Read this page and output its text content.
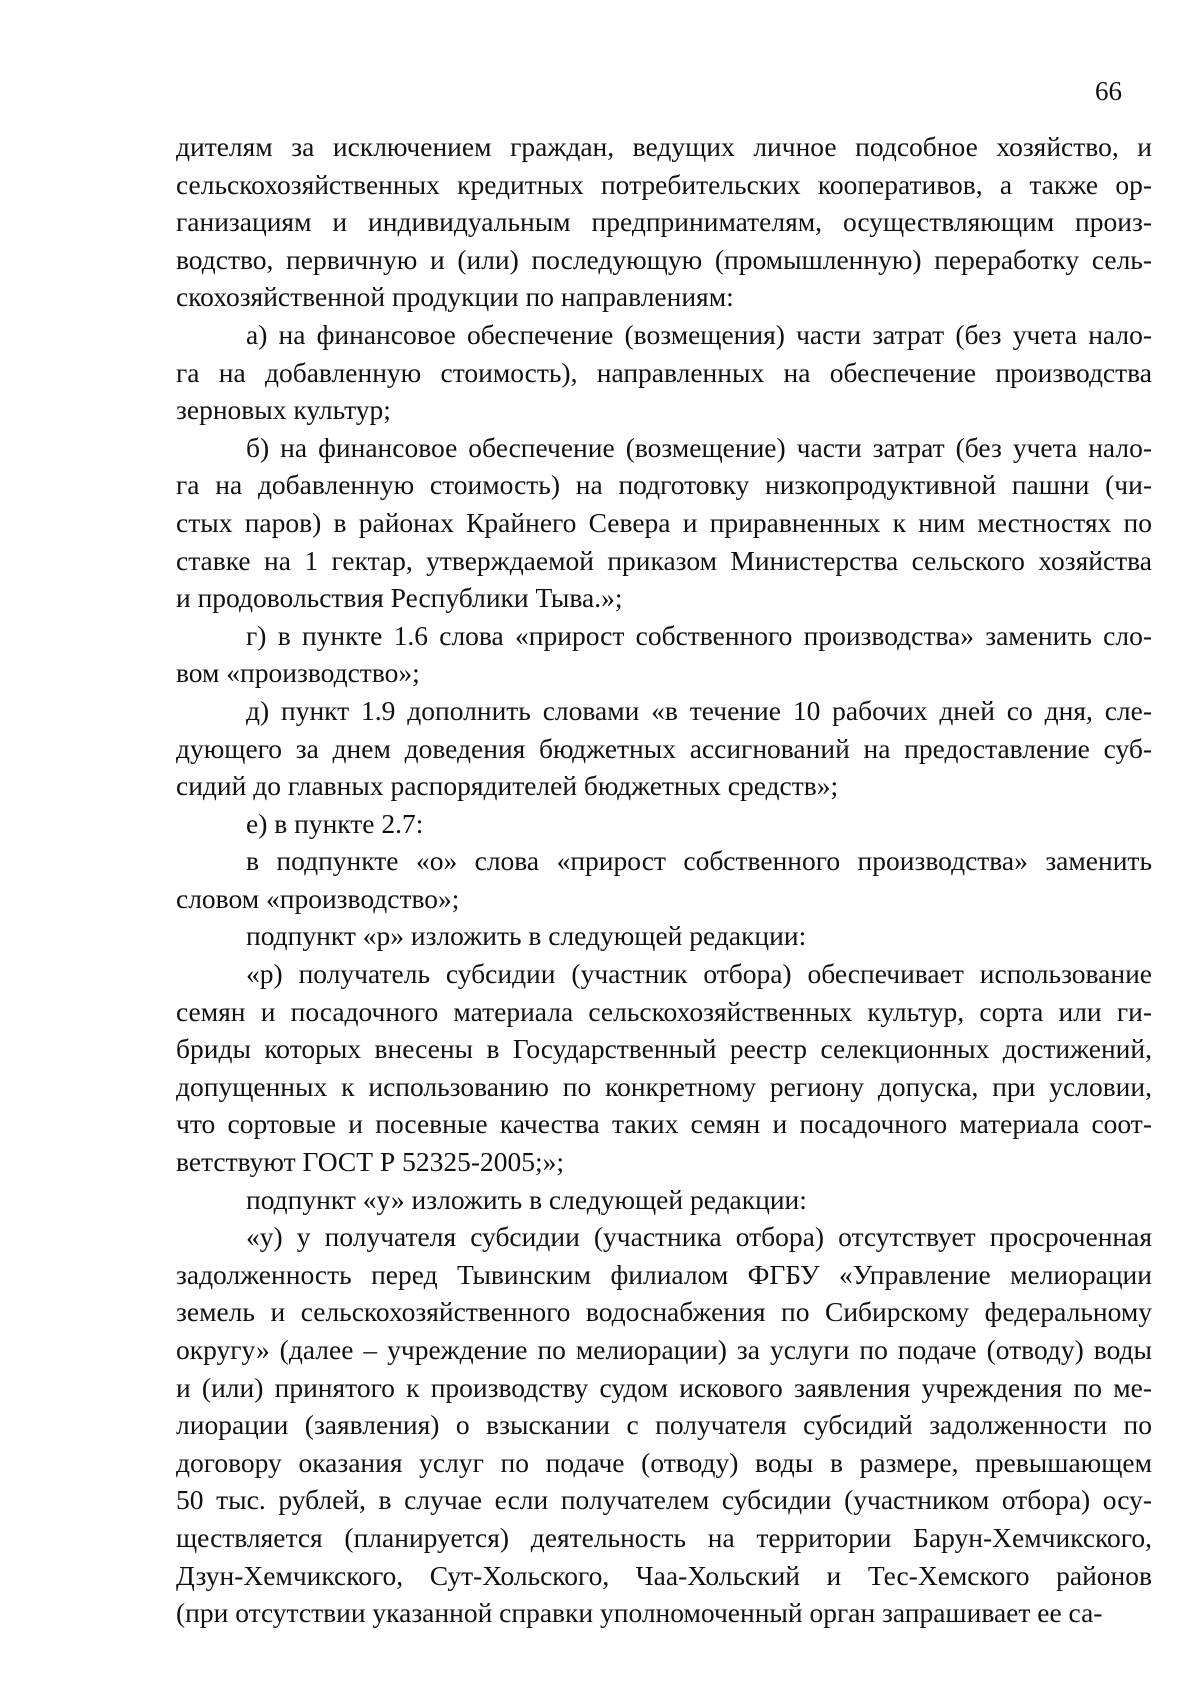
66
дителям за исключением граждан, ведущих личное подсобное хозяйство, и
сельскохозяйственных кредитных потребительских кооперативов, а также ор-
ганизациям и индивидуальным предпринимателям, осуществляющим произ-
водство, первичную и (или) последующую (промышленную) переработку сель-
скохозяйственной продукции по направлениям:
а) на финансовое обеспечение (возмещения) части затрат (без учета нало-
га на добавленную стоимость), направленных на обеспечение производства
зерновых культур;
б) на финансовое обеспечение (возмещение) части затрат (без учета нало-
га на добавленную стоимость) на подготовку низкопродуктивной пашни (чи-
стых паров) в районах Крайнего Севера и приравненных к ним местностях по
ставке на 1 гектар, утверждаемой приказом Министерства сельского хозяйства
и продовольствия Республики Тыва.»;
г) в пункте 1.6 слова «прирост собственного производства» заменить сло-
вом «производство»;
д) пункт 1.9 дополнить словами «в течение 10 рабочих дней со дня, сле-
дующего за днем доведения бюджетных ассигнований на предоставление суб-
сидий до главных распорядителей бюджетных средств»;
е) в пункте 2.7:
в подпункте «о» слова «прирост собственного производства» заменить
словом «производство»;
подпункт «р» изложить в следующей редакции:
«р) получатель субсидии (участник отбора) обеспечивает использование
семян и посадочного материала сельскохозяйственных культур, сорта или ги-
бриды которых внесены в Государственный реестр селекционных достижений,
допущенных к использованию по конкретному региону допуска, при условии,
что сортовые и посевные качества таких семян и посадочного материала соот-
ветствуют ГОСТ Р 52325-2005;»;
подпункт «у» изложить в следующей редакции:
«у) у получателя субсидии (участника отбора) отсутствует просроченная
задолженность перед Тывинским филиалом ФГБУ «Управление мелиорации
земель и сельскохозяйственного водоснабжения по Сибирскому федеральному
округу» (далее – учреждение по мелиорации) за услуги по подаче (отводу) воды
и (или) принятого к производству судом искового заявления учреждения по ме-
лиорации (заявления) о взыскании с получателя субсидий задолженности по
договору оказания услуг по подаче (отводу) воды в размере, превышающем
50 тыс. рублей, в случае если получателем субсидии (участником отбора) осу-
ществляется (планируется) деятельность на территории Барун-Хемчикского,
Дзун-Хемчикского, Сут-Хольского, Чаа-Хольский и Тес-Хемского районов
(при отсутствии указанной справки уполномоченный орган запрашивает ее са-
